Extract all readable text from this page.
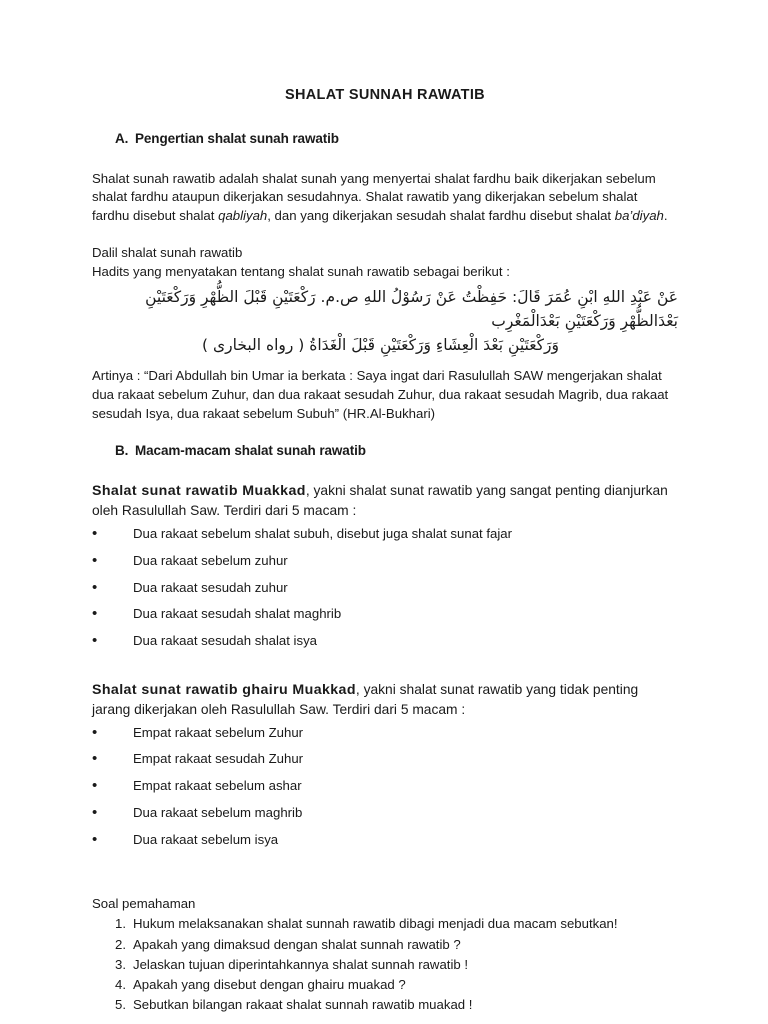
SHALAT SUNNAH RAWATIB
A. Pengertian shalat sunah rawatib

Shalat sunah rawatib adalah shalat sunah yang menyertai shalat fardhu baik dikerjakan sebelum shalat fardhu ataupun dikerjakan sesudahnya. Shalat rawatib yang dikerjakan sebelum shalat fardhu disebut shalat qabliyah, dan yang dikerjakan sesudah shalat fardhu disebut shalat ba’diyah.

Dalil shalat sunah rawatib
Hadits yang menyatakan tentang shalat sunah rawatib sebagai berikut :

عَنْ عَبْدِ اللهِ ابْنِ عُمَرَ قَالَ: حَفِظْتُ عَنْ رَسُوْلُ اللهِ ص.م. رَكْعَتَيْنِ قَبْلَ الظُّهْرِ وَرَكْعَتَيْنِ بَعْدَالظُّهْرِ وَرَكْعَتَيْنِ بَعْدَالْمَغْرِب
وَرَكْعَتَيْنِ بَعْدَ الْعِشَاءِ وَرَكْعَتَيْنِ قَبْلَ الْغَدَاةُ ( رواه البخارى )

Artinya : “Dari Abdullah bin Umar ia berkata : Saya ingat dari Rasulullah SAW mengerjakan shalat dua rakaat sebelum Zuhur, dan dua rakaat sesudah Zuhur, dua rakaat sesudah Magrib, dua rakaat sesudah Isya, dua rakaat sebelum Subuh” (HR.Al-Bukhari)

B. Macam-macam shalat sunah rawatib

Shalat sunat rawatib Muakkad, yakni shalat sunat rawatib yang sangat penting dianjurkan oleh Rasulullah Saw. Terdiri dari 5 macam :

•	Dua rakaat sebelum shalat subuh, disebut juga shalat sunat fajar
•	Dua rakaat sebelum zuhur
•	Dua rakaat sesudah zuhur
•	Dua rakaat sesudah shalat maghrib
•	Dua rakaat sesudah shalat isya

Shalat sunat rawatib ghairu Muakkad, yakni shalat sunat rawatib yang tidak penting jarang dikerjakan oleh Rasulullah Saw. Terdiri dari 5 macam :

•	Empat rakaat sebelum Zuhur
•	Empat rakaat sesudah Zuhur
•	Empat rakaat sebelum ashar
•	Dua rakaat sebelum maghrib
•	Dua rakaat sebelum isya

Soal pemahaman

1. Hukum melaksanakan shalat sunnah rawatib dibagi menjadi dua macam sebutkan!
2. Apakah yang dimaksud dengan shalat sunnah rawatib ?
3. Jelaskan tujuan diperintahkannya shalat sunnah rawatib !
4. Apakah yang disebut dengan ghairu muakad ?
5. Sebutkan bilangan rakaat shalat sunnah rawatib muakad !
